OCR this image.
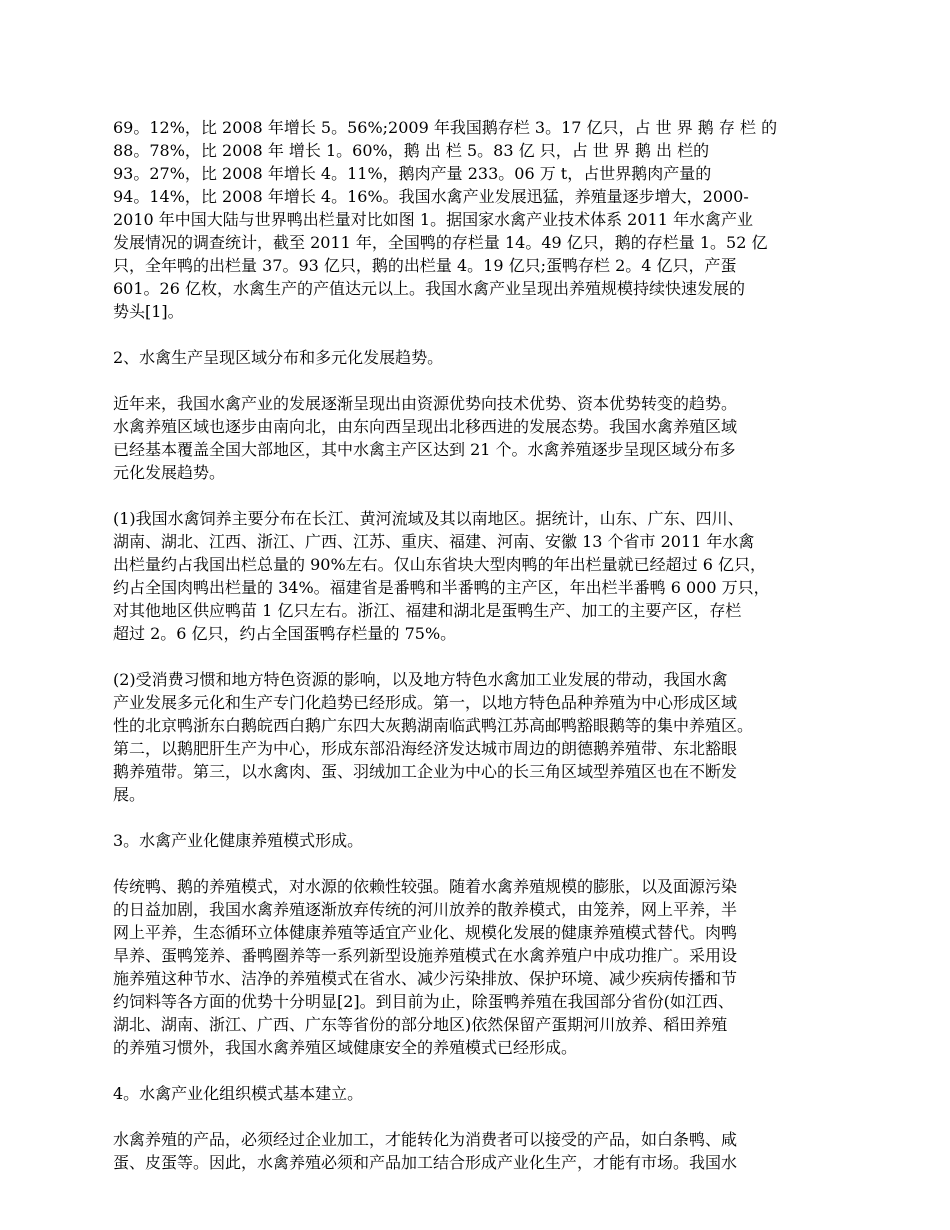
69。12%，比 2008 年增长 5。56%;2009 年我国鹅存栏 3。17 亿只，占 世 界 鹅 存 栏 的
88。78%，比 2008 年 增长 1。60%，鹅 出 栏 5。83 亿 只，占 世 界 鹅 出 栏的
93。27%，比 2008 年增长 4。11%，鹅肉产量 233。06 万 t，占世界鹅肉产量的
94。14%，比 2008 年增长 4。16%。我国水禽产业发展迅猛，养殖量逐步增大，2000-
2010 年中国大陆与世界鸭出栏量对比如图 1。据国家水禽产业技术体系 2011 年水禽产业
发展情况的调查统计，截至 2011 年，全国鸭的存栏量 14。49 亿只，鹅的存栏量 1。52 亿
只，全年鸭的出栏量 37。93 亿只，鹅的出栏量 4。19 亿只;蛋鸭存栏 2。4 亿只，产蛋
601。26 亿枚，水禽生产的产值达元以上。我国水禽产业呈现出养殖规模持续快速发展的
势头[1]。
2、水禽生产呈现区域分布和多元化发展趋势。
近年来，我国水禽产业的发展逐渐呈现出由资源优势向技术优势、资本优势转变的趋势。
水禽养殖区域也逐步由南向北，由东向西呈现出北移西进的发展态势。我国水禽养殖区域
已经基本覆盖全国大部地区，其中水禽主产区达到 21 个。水禽养殖逐步呈现区域分布多
元化发展趋势。
(1)我国水禽饲养主要分布在长江、黄河流域及其以南地区。据统计，山东、广东、四川、
湖南、湖北、江西、浙江、广西、江苏、重庆、福建、河南、安徽 13 个省市 2011 年水禽
出栏量约占我国出栏总量的 90%左右。仅山东省块大型肉鸭的年出栏量就已经超过 6 亿只，
约占全国肉鸭出栏量的 34%。福建省是番鸭和半番鸭的主产区，年出栏半番鸭 6 000 万只，
对其他地区供应鸭苗 1 亿只左右。浙江、福建和湖北是蛋鸭生产、加工的主要产区，存栏
超过 2。6 亿只，约占全国蛋鸭存栏量的 75%。
(2)受消费习惯和地方特色资源的影响，以及地方特色水禽加工业发展的带动，我国水禽
产业发展多元化和生产专门化趋势已经形成。第一，以地方特色品种养殖为中心形成区域
性的北京鸭浙东白鹅皖西白鹅广东四大灰鹅湖南临武鸭江苏高邮鸭豁眼鹅等的集中养殖区。
第二，以鹅肥肝生产为中心，形成东部沿海经济发达城市周边的朗德鹅养殖带、东北豁眼
鹅养殖带。第三，以水禽肉、蛋、羽绒加工企业为中心的长三角区域型养殖区也在不断发
展。
3。水禽产业化健康养殖模式形成。
传统鸭、鹅的养殖模式，对水源的依赖性较强。随着水禽养殖规模的膨胀，以及面源污染
的日益加剧，我国水禽养殖逐渐放弃传统的河川放养的散养模式，由笼养，网上平养，半
网上平养，生态循环立体健康养殖等适宜产业化、规模化发展的健康养殖模式替代。肉鸭
旱养、蛋鸭笼养、番鸭圈养等一系列新型设施养殖模式在水禽养殖户中成功推广。采用设
施养殖这种节水、洁净的养殖模式在省水、减少污染排放、保护环境、减少疾病传播和节
约饲料等各方面的优势十分明显[2]。到目前为止，除蛋鸭养殖在我国部分省份(如江西、
湖北、湖南、浙江、广西、广东等省份的部分地区)依然保留产蛋期河川放养、稻田养殖
的养殖习惯外，我国水禽养殖区域健康安全的养殖模式已经形成。
4。水禽产业化组织模式基本建立。
水禽养殖的产品，必须经过企业加工，才能转化为消费者可以接受的产品，如白条鸭、咸
蛋、皮蛋等。因此，水禽养殖必须和产品加工结合形成产业化生产，才能有市场。我国水
